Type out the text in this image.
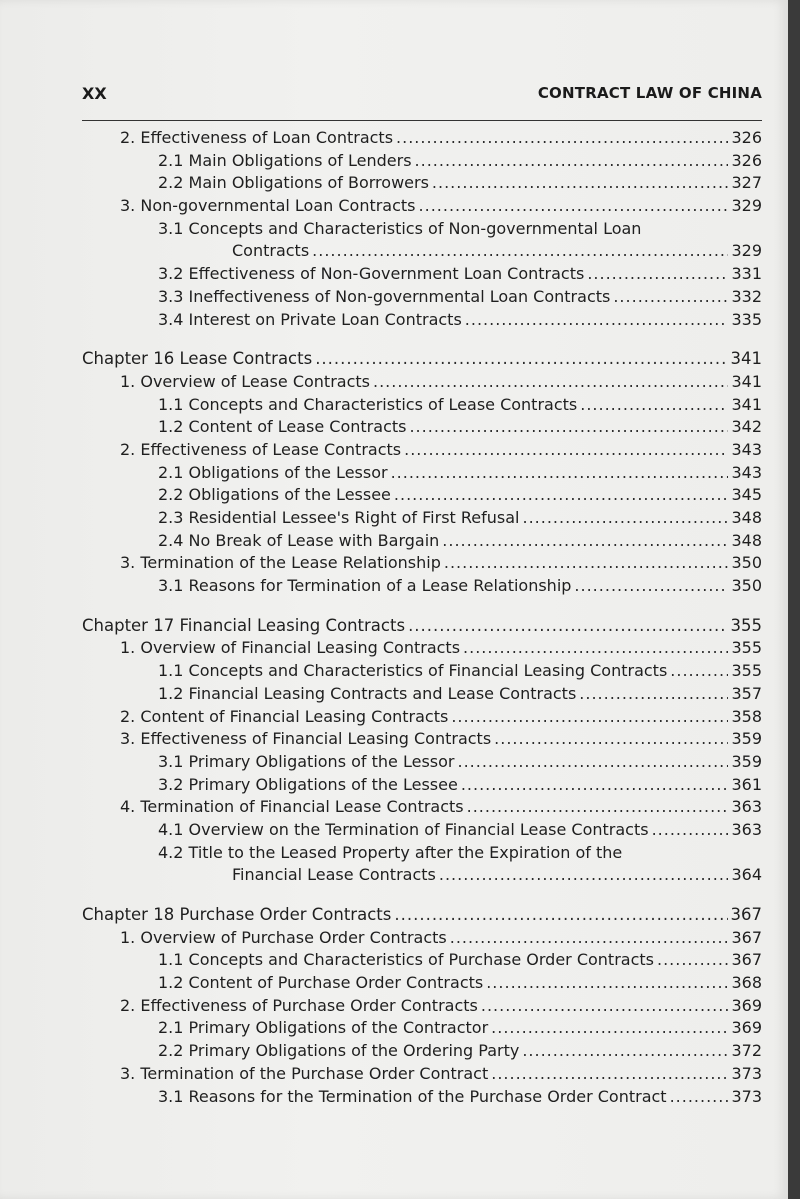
XX	CONTRACT LAW OF CHINA
2. Effectiveness of Loan Contracts .....	326
2.1 Main Obligations of Lenders .....	326
2.2 Main Obligations of Borrowers .....	327
3. Non-governmental Loan Contracts .....	329
3.1 Concepts and Characteristics of Non-governmental Loan
Contracts .....	329
3.2 Effectiveness of Non-Government Loan Contracts .....	331
3.3 Ineffectiveness of Non-governmental Loan Contracts .....	332
3.4 Interest on Private Loan Contracts .....	335
Chapter 16 Lease Contracts .....	341
1. Overview of Lease Contracts .....	341
1.1 Concepts and Characteristics of Lease Contracts .....	341
1.2 Content of Lease Contracts .....	342
2. Effectiveness of Lease Contracts .....	343
2.1 Obligations of the Lessor .....	343
2.2 Obligations of the Lessee .....	345
2.3 Residential Lessee's Right of First Refusal .....	348
2.4 No Break of Lease with Bargain .....	348
3. Termination of the Lease Relationship .....	350
3.1 Reasons for Termination of a Lease Relationship .....	350
Chapter 17 Financial Leasing Contracts .....	355
1. Overview of Financial Leasing Contracts .....	355
1.1 Concepts and Characteristics of Financial Leasing Contracts .....	355
1.2 Financial Leasing Contracts and Lease Contracts .....	357
2. Content of Financial Leasing Contracts .....	358
3. Effectiveness of Financial Leasing Contracts .....	359
3.1 Primary Obligations of the Lessor .....	359
3.2 Primary Obligations of the Lessee .....	361
4. Termination of Financial Lease Contracts .....	363
4.1 Overview on the Termination of Financial Lease Contracts .....	363
4.2 Title to the Leased Property after the Expiration of the
Financial Lease Contracts .....	364
Chapter 18 Purchase Order Contracts .....	367
1. Overview of Purchase Order Contracts .....	367
1.1 Concepts and Characteristics of Purchase Order Contracts .....	367
1.2 Content of Purchase Order Contracts .....	368
2. Effectiveness of Purchase Order Contracts .....	369
2.1 Primary Obligations of the Contractor .....	369
2.2 Primary Obligations of the Ordering Party .....	372
3. Termination of the Purchase Order Contract .....	373
3.1 Reasons for the Termination of the Purchase Order Contract .....	373
